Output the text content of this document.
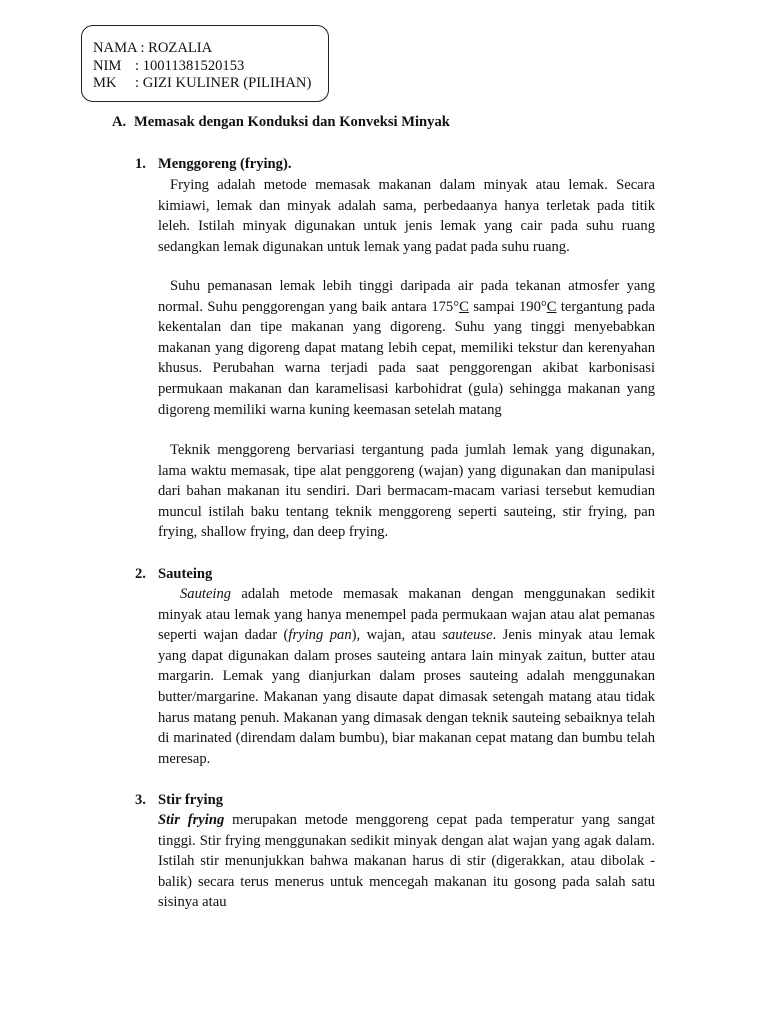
NAMA : ROZALIA
NIM : 10011381520153
MK : GIZI KULINER (PILIHAN)
A. Memasak dengan Konduksi dan Konveksi Minyak
1. Menggoreng (frying).

Frying adalah metode memasak makanan dalam minyak atau lemak. Secara kimiawi, lemak dan minyak adalah sama, perbedaanya hanya terletak pada titik leleh. Istilah minyak digunakan untuk jenis lemak yang cair pada suhu ruang sedangkan lemak digunakan untuk lemak yang padat pada suhu ruang.

Suhu pemanasan lemak lebih tinggi daripada air pada tekanan atmosfer yang normal. Suhu penggorengan yang baik antara 175°C sampai 190°C tergantung pada kekentalan dan tipe makanan yang digoreng. Suhu yang tinggi menyebabkan makanan yang digoreng dapat matang lebih cepat, memiliki tekstur dan kerenyahan khusus. Perubahan warna terjadi pada saat penggorengan akibat karbonisasi permukaan makanan dan karamelisasi karbohidrat (gula) sehingga makanan yang digoreng memiliki warna kuning keemasan setelah matang

Teknik menggoreng bervariasi tergantung pada jumlah lemak yang digunakan, lama waktu memasak, tipe alat penggoreng (wajan) yang digunakan dan manipulasi dari bahan makanan itu sendiri. Dari bermacam-macam variasi tersebut kemudian muncul istilah baku tentang teknik menggoreng seperti sauteing, stir frying, pan frying, shallow frying, dan deep frying.

2. Sauteing

Sauteing adalah metode memasak makanan dengan menggunakan sedikit minyak atau lemak yang hanya menempel pada permukaan wajan atau alat pemanas seperti wajan dadar (frying pan), wajan, atau sauteuse. Jenis minyak atau lemak yang dapat digunakan dalam proses sauteing antara lain minyak zaitun, butter atau margarin. Lemak yang dianjurkan dalam proses sauteing adalah menggunakan butter/margarine. Makanan yang disaute dapat dimasak setengah matang atau tidak harus matang penuh. Makanan yang dimasak dengan teknik sauteing sebaiknya telah di marinated (direndam dalam bumbu), biar makanan cepat matang dan bumbu telah meresap.

3. Stir frying

Stir frying merupakan metode menggoreng cepat pada temperatur yang sangat tinggi. Stir frying menggunakan sedikit minyak dengan alat wajan yang agak dalam. Istilah stir menunjukkan bahwa makanan harus di stir (digerakkan, atau dibolak - balik) secara terus menerus untuk mencegah makanan itu gosong pada salah satu sisinya atau
